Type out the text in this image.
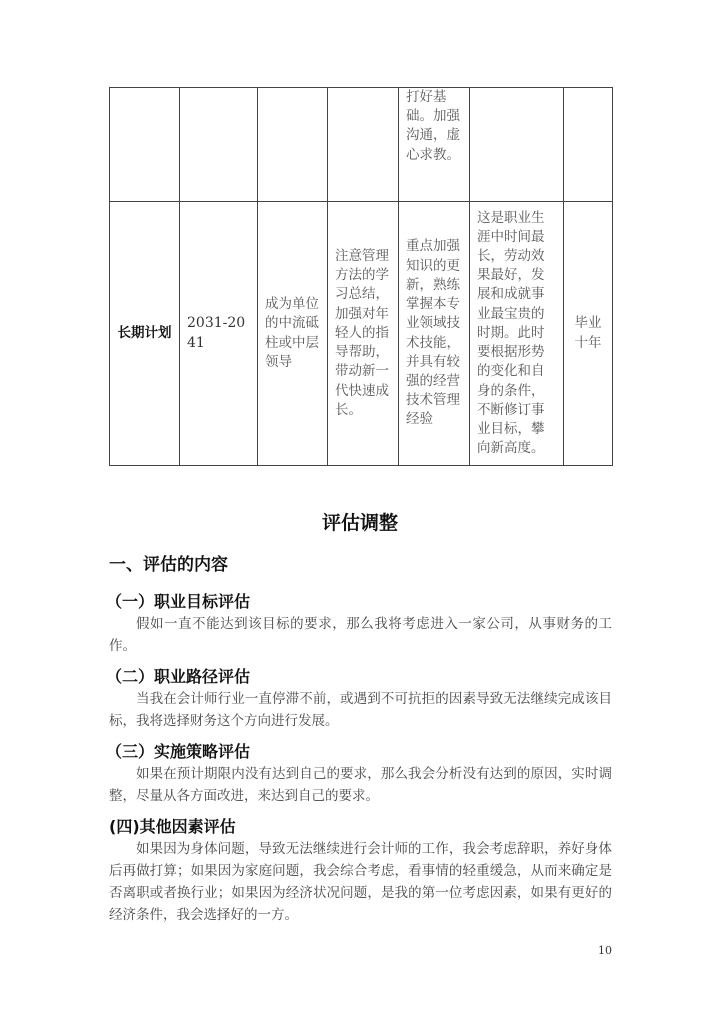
				打好基础。加强沟通，虚心求教。		

长期计划	2031-2041	成为单位的中流砥柱或中层领导	注意管理方法的学习总结，加强对年轻人的指导帮助，带动新一代快速成长。	重点加强知识的更新，熟练掌握本专业领域技术技能，并具有较强的经营技术管理经验	这是职业生涯中时间最长，劳动效果最好，发展和成就事业最宝贵的时期。此时要根据形势的变化和自身的条件，不断修订事业目标，攀向新高度。	毕业十年
评估调整
一、评估的内容
（一）职业目标评估
假如一直不能达到该目标的要求，那么我将考虑进入一家公司，从事财务的工作。
（二）职业路径评估
当我在会计师行业一直停滞不前，或遇到不可抗拒的因素导致无法继续完成该目标，我将选择财务这个方向进行发展。
（三）实施策略评估
如果在预计期限内没有达到自己的要求，那么我会分析没有达到的原因，实时调整，尽量从各方面改进，来达到自己的要求。
(四)其他因素评估
如果因为身体问题，导致无法继续进行会计师的工作，我会考虑辞职，养好身体后再做打算；如果因为家庭问题，我会综合考虑，看事情的轻重缓急，从而来确定是否离职或者换行业；如果因为经济状况问题，是我的第一位考虑因素，如果有更好的经济条件，我会选择好的一方。
10
